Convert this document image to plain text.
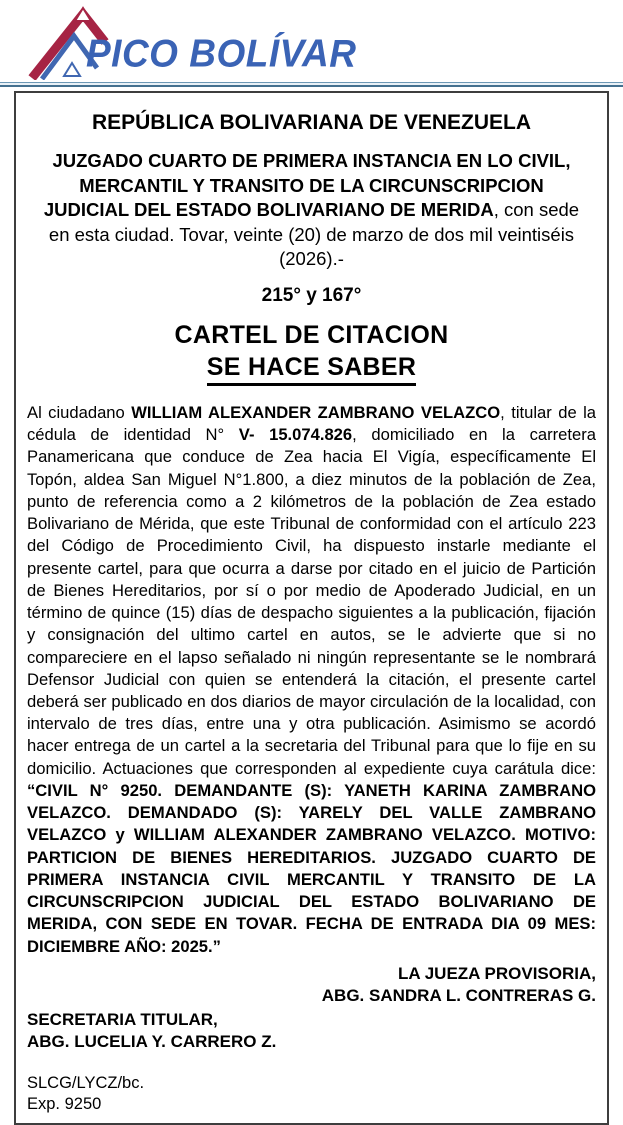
PICO BOLÍVAR
REPÚBLICA BOLIVARIANA DE VENEZUELA
JUZGADO CUARTO DE PRIMERA INSTANCIA EN LO CIVIL, MERCANTIL Y TRANSITO DE LA CIRCUNSCRIPCION JUDICIAL DEL ESTADO BOLIVARIANO DE MERIDA, con sede en esta ciudad. Tovar, veinte (20) de marzo de dos mil veintiséis (2026).-
215° y 167°
CARTEL DE CITACION
SE HACE SABER

Al ciudadano WILLIAM ALEXANDER ZAMBRANO VELAZCO, titular de la cédula de identidad N° V- 15.074.826, domiciliado en la carretera Panamericana que conduce de Zea hacia El Vigía, específicamente El Topón, aldea San Miguel N°1.800, a diez minutos de la población de Zea, punto de referencia como a 2 kilómetros de la población de Zea estado Bolivariano de Mérida, que este Tribunal de conformidad con el artículo 223 del Código de Procedimiento Civil, ha dispuesto instarle mediante el presente cartel, para que ocurra a darse por citado en el juicio de Partición de Bienes Hereditarios, por sí o por medio de Apoderado Judicial, en un término de quince (15) días de despacho siguientes a la publicación, fijación y consignación del ultimo cartel en autos, se le advierte que si no compareciere en el lapso señalado ni ningún representante se le nombrará Defensor Judicial con quien se entenderá la citación, el presente cartel deberá ser publicado en dos diarios de mayor circulación de la localidad, con intervalo de tres días, entre una y otra publicación. Asimismo se acordó hacer entrega de un cartel a la secretaria del Tribunal para que lo fije en su domicilio. Actuaciones que corresponden al expediente cuya carátula dice: “CIVIL N° 9250. DEMANDANTE (S): YANETH KARINA ZAMBRANO VELAZCO. DEMANDADO (S): YARELY DEL VALLE ZAMBRANO VELAZCO y WILLIAM ALEXANDER ZAMBRANO VELAZCO. MOTIVO: PARTICION DE BIENES HEREDITARIOS. JUZGADO CUARTO DE PRIMERA INSTANCIA CIVIL MERCANTIL Y TRANSITO DE LA CIRCUNSCRIPCION JUDICIAL DEL ESTADO BOLIVARIANO DE MERIDA, CON SEDE EN TOVAR. FECHA DE ENTRADA DIA 09 MES: DICIEMBRE AÑO: 2025.”

LA JUEZA PROVISORIA,
ABG. SANDRA L. CONTRERAS G.
SECRETARIA TITULAR,
ABG. LUCELIA Y. CARRERO Z.
SLCG/LYCZ/bc.
Exp. 9250
